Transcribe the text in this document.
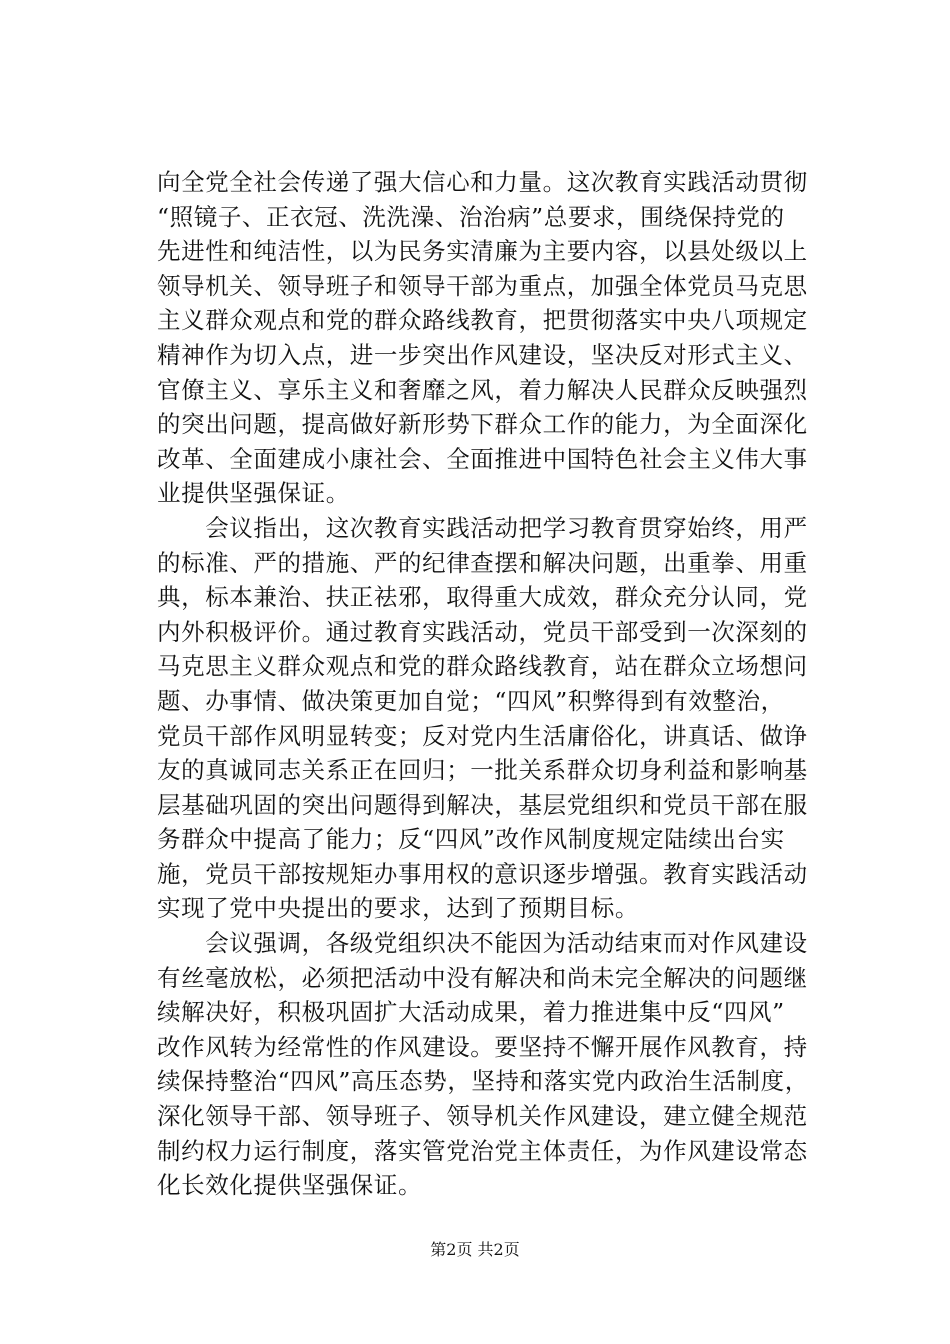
向全党全社会传递了强大信心和力量。这次教育实践活动贯彻
“照镜子、正衣冠、洗洗澡、治治病”总要求，围绕保持党的
先进性和纯洁性，以为民务实清廉为主要内容，以县处级以上
领导机关、领导班子和领导干部为重点，加强全体党员马克思
主义群众观点和党的群众路线教育，把贯彻落实中央八项规定
精神作为切入点，进一步突出作风建设，坚决反对形式主义、
官僚主义、享乐主义和奢靡之风，着力解决人民群众反映强烈
的突出问题，提高做好新形势下群众工作的能力，为全面深化
改革、全面建成小康社会、全面推进中国特色社会主义伟大事
业提供坚强保证。
　　会议指出，这次教育实践活动把学习教育贯穿始终，用严
的标准、严的措施、严的纪律查摆和解决问题，出重拳、用重
典，标本兼治、扶正祛邪，取得重大成效，群众充分认同，党
内外积极评价。通过教育实践活动，党员干部受到一次深刻的
马克思主义群众观点和党的群众路线教育，站在群众立场想问
题、办事情、做决策更加自觉；“四风”积弊得到有效整治，
党员干部作风明显转变；反对党内生活庸俗化，讲真话、做诤
友的真诚同志关系正在回归；一批关系群众切身利益和影响基
层基础巩固的突出问题得到解决，基层党组织和党员干部在服
务群众中提高了能力；反“四风”改作风制度规定陆续出台实
施，党员干部按规矩办事用权的意识逐步增强。教育实践活动
实现了党中央提出的要求，达到了预期目标。
　　会议强调，各级党组织决不能因为活动结束而对作风建设
有丝毫放松，必须把活动中没有解决和尚未完全解决的问题继
续解决好，积极巩固扩大活动成果，着力推进集中反“四风”
改作风转为经常性的作风建设。要坚持不懈开展作风教育，持
续保持整治“四风”高压态势，坚持和落实党内政治生活制度，
深化领导干部、领导班子、领导机关作风建设，建立健全规范
制约权力运行制度，落实管党治党主体责任，为作风建设常态
化长效化提供坚强保证。
第2页 共2页
